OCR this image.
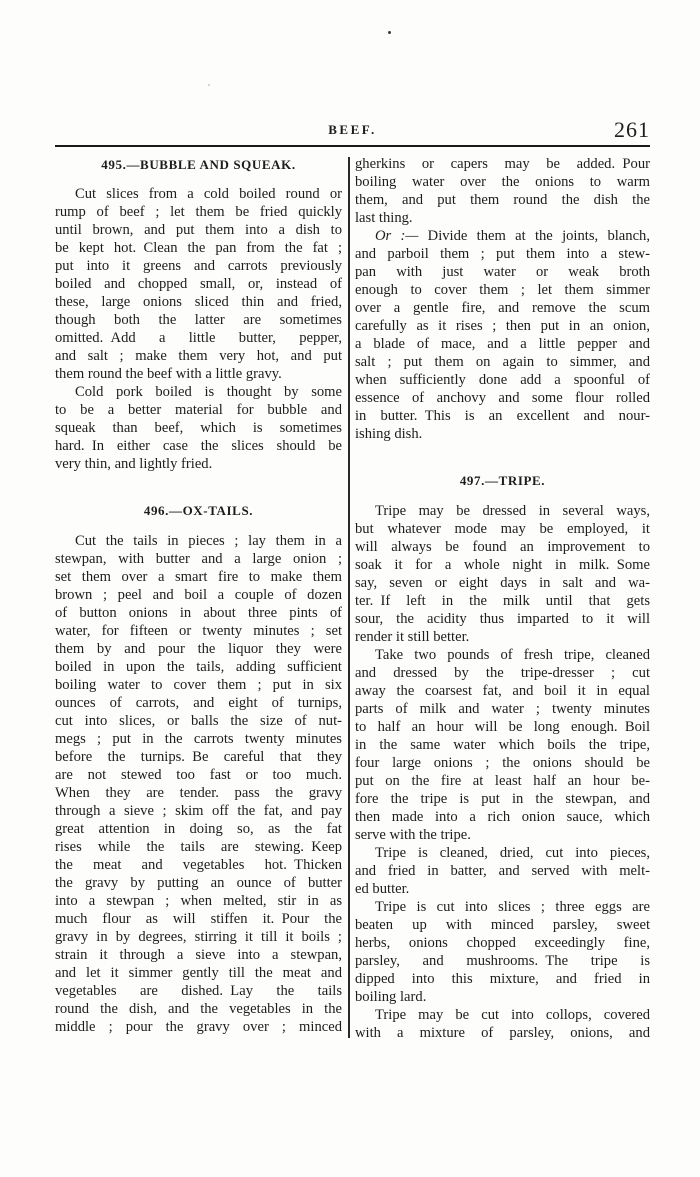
BEEF.	261
495.—BUBBLE AND SQUEAK.
Cut slices from a cold boiled round or
rump of beef ; let them be fried quickly
until brown, and put them into a dish to
be kept hot. Clean the pan from the fat ;
put into it greens and carrots previously
boiled and chopped small, or, instead of
these, large onions sliced thin and fried,
though both the latter are sometimes
omitted. Add a little butter, pepper,
and salt ; make them very hot, and put
them round the beef with a little gravy.
Cold pork boiled is thought by some
to be a better material for bubble and
squeak than beef, which is sometimes
hard. In either case the slices should be
very thin, and lightly fried.
496.—OX-TAILS.
Cut the tails in pieces ; lay them in a
stewpan, with butter and a large onion ;
set them over a smart fire to make them
brown ; peel and boil a couple of dozen
of button onions in about three pints of
water, for fifteen or twenty minutes ; set
them by and pour the liquor they were
boiled in upon the tails, adding sufficient
boiling water to cover them ; put in six
ounces of carrots, and eight of turnips,
cut into slices, or balls the size of nut-
megs ; put in the carrots twenty minutes
before the turnips. Be careful that they
are not stewed too fast or too much.
When they are tender. pass the gravy
through a sieve ; skim off the fat, and pay
great attention in doing so, as the fat
rises while the tails are stewing. Keep
the meat and vegetables hot. Thicken
the gravy by putting an ounce of butter
into a stewpan ; when melted, stir in as
much flour as will stiffen it. Pour the
gravy in by degrees, stirring it till it boils ;
strain it through a sieve into a stewpan,
and let it simmer gently till the meat and
vegetables are dished. Lay the tails
round the dish, and the vegetables in the
middle ; pour the gravy over ; minced
gherkins or capers may be added. Pour
boiling water over the onions to warm
them, and put them round the dish the
last thing.
Or :— Divide them at the joints, blanch,
and parboil them ; put them into a stew-
pan with just water or weak broth
enough to cover them ; let them simmer
over a gentle fire, and remove the scum
carefully as it rises ; then put in an onion,
a blade of mace, and a little pepper and
salt ; put them on again to simmer, and
when sufficiently done add a spoonful of
essence of anchovy and some flour rolled
in butter. This is an excellent and nour-
ishing dish.
497.—TRIPE.
Tripe may be dressed in several ways,
but whatever mode may be employed, it
will always be found an improvement to
soak it for a whole night in milk. Some
say, seven or eight days in salt and wa-
ter. If left in the milk until that gets
sour, the acidity thus imparted to it will
render it still better.
Take two pounds of fresh tripe, cleaned
and dressed by the tripe-dresser ; cut
away the coarsest fat, and boil it in equal
parts of milk and water ; twenty minutes
to half an hour will be long enough. Boil
in the same water which boils the tripe,
four large onions ; the onions should be
put on the fire at least half an hour be-
fore the tripe is put in the stewpan, and
then made into a rich onion sauce, which
serve with the tripe.
Tripe is cleaned, dried, cut into pieces,
and fried in batter, and served with melt-
ed butter.
Tripe is cut into slices ; three eggs are
beaten up with minced parsley, sweet
herbs, onions chopped exceedingly fine,
parsley, and mushrooms. The tripe is
dipped into this mixture, and fried in
boiling lard.
Tripe may be cut into collops, covered
with a mixture of parsley, onions, and
